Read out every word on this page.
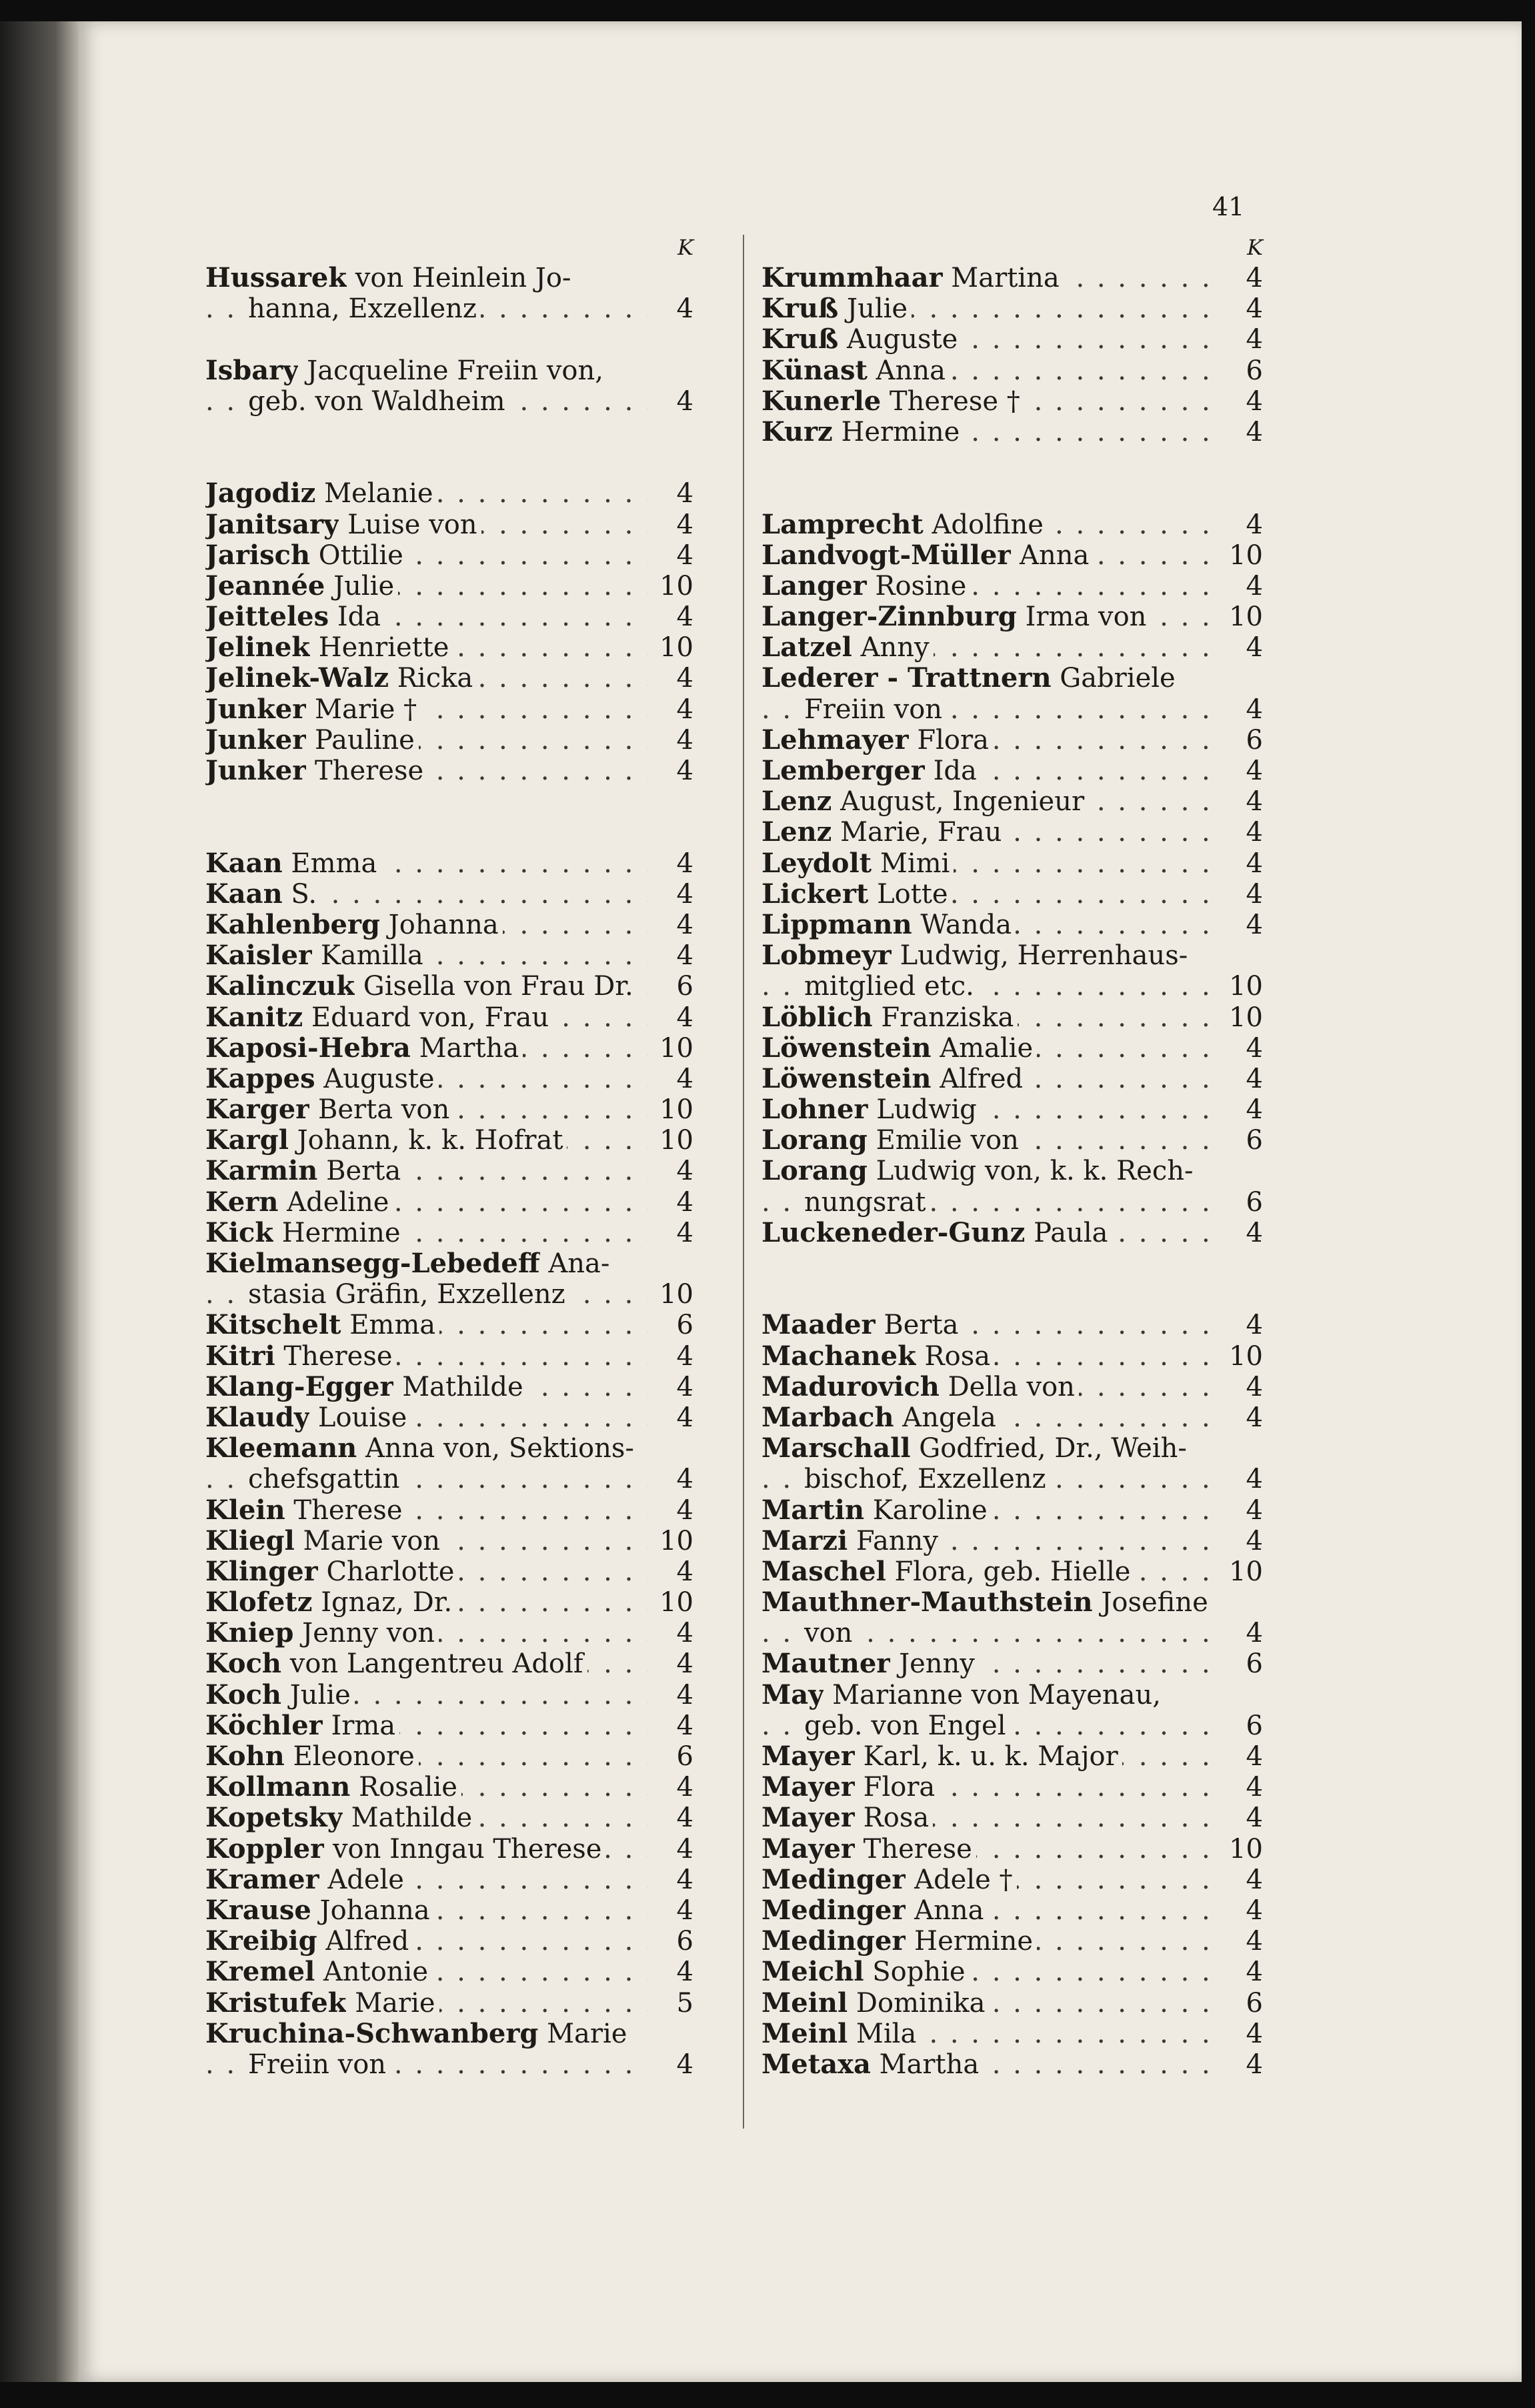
41
K
Hussarek von Heinlein Jo-
hanna, Exzellenz . . .	4
Isbary Jacqueline Freiin von,
geb. von Waldheim . . .	4
Jagodiz Melanie . . .	4
Janitsary Luise von . . .	4
Jarisch Ottilie . . .	4
Jeannée Julie . . .	10
Jeitteles Ida . . .	4
Jelinek Henriette . . .	10
Jelinek-Walz Ricka . . .	4
Junker Marie † . . .	4
Junker Pauline . . .	4
Junker Therese . . .	4
Kaan Emma . . .	4
Kaan S. . . .	4
Kahlenberg Johanna . . .	4
Kaisler Kamilla . . .	4
Kalinczuk Gisella von Frau Dr. . . .	6
Kanitz Eduard von, Frau . . .	4
Kaposi-Hebra Martha . . .	10
Kappes Auguste . . .	4
Karger Berta von . . .	10
Kargl Johann, k. k. Hofrat . . .	10
Karmin Berta . . .	4
Kern Adeline . . .	4
Kick Hermine . . .	4
Kielmansegg-Lebedeff Ana-
stasia Gräfin, Exzellenz . . .	10
Kitschelt Emma . . .	6
Kitri Therese . . .	4
Klang-Egger Mathilde . . .	4
Klaudy Louise . . .	4
Kleemann Anna von, Sektions-
chefsgattin . . .	4
Klein Therese . . .	4
Kliegl Marie von . . .	10
Klinger Charlotte . . .	4
Klofetz Ignaz, Dr. . . .	10
Kniep Jenny von . . .	4
Koch von Langentreu Adolf . . .	4
Koch Julie . . .	4
Köchler Irma . . .	4
Kohn Eleonore . . .	6
Kollmann Rosalie . . .	4
Kopetsky Mathilde . . .	4
Koppler von Inngau Therese . . .	4
Kramer Adele . . .	4
Krause Johanna . . .	4
Kreibig Alfred . . .	6
Kremel Antonie . . .	4
Kristufek Marie . . .	5
Kruchina-Schwanberg Marie
Freiin von . . .	4
K
Krummhaar Martina . . .	4
Kruß Julie . . .	4
Kruß Auguste . . .	4
Künast Anna . . .	6
Kunerle Therese † . . .	4
Kurz Hermine . . .	4
Lamprecht Adolfine . . .	4
Landvogt-Müller Anna . . .	10
Langer Rosine . . .	4
Langer-Zinnburg Irma von . . .	10
Latzel Anny . . .	4
Lederer - Trattnern Gabriele
Freiin von . . .	4
Lehmayer Flora . . .	6
Lemberger Ida . . .	4
Lenz August, Ingenieur . . .	4
Lenz Marie, Frau . . .	4
Leydolt Mimi . . .	4
Lickert Lotte . . .	4
Lippmann Wanda . . .	4
Lobmeyr Ludwig, Herrenhaus-
mitglied etc. . . .	10
Löblich Franziska . . .	10
Löwenstein Amalie . . .	4
Löwenstein Alfred . . .	4
Lohner Ludwig . . .	4
Lorang Emilie von . . .	6
Lorang Ludwig von, k. k. Rech-
nungsrat . . .	6
Luckeneder-Gunz Paula . . .	4
Maader Berta . . .	4
Machanek Rosa . . .	10
Madurovich Della von . . .	4
Marbach Angela . . .	4
Marschall Godfried, Dr., Weih-
bischof, Exzellenz . . .	4
Martin Karoline . . .	4
Marzi Fanny . . .	4
Maschel Flora, geb. Hielle . . .	10
Mauthner-Mauthstein Josefine
von . . .	4
Mautner Jenny . . .	6
May Marianne von Mayenau,
geb. von Engel . . .	6
Mayer Karl, k. u. k. Major . . .	4
Mayer Flora . . .	4
Mayer Rosa . . .	4
Mayer Therese . . .	10
Medinger Adele † . . .	4
Medinger Anna . . .	4
Medinger Hermine . . .	4
Meichl Sophie . . .	4
Meinl Dominika . . .	6
Meinl Mila . . .	4
Metaxa Martha . . .	4
